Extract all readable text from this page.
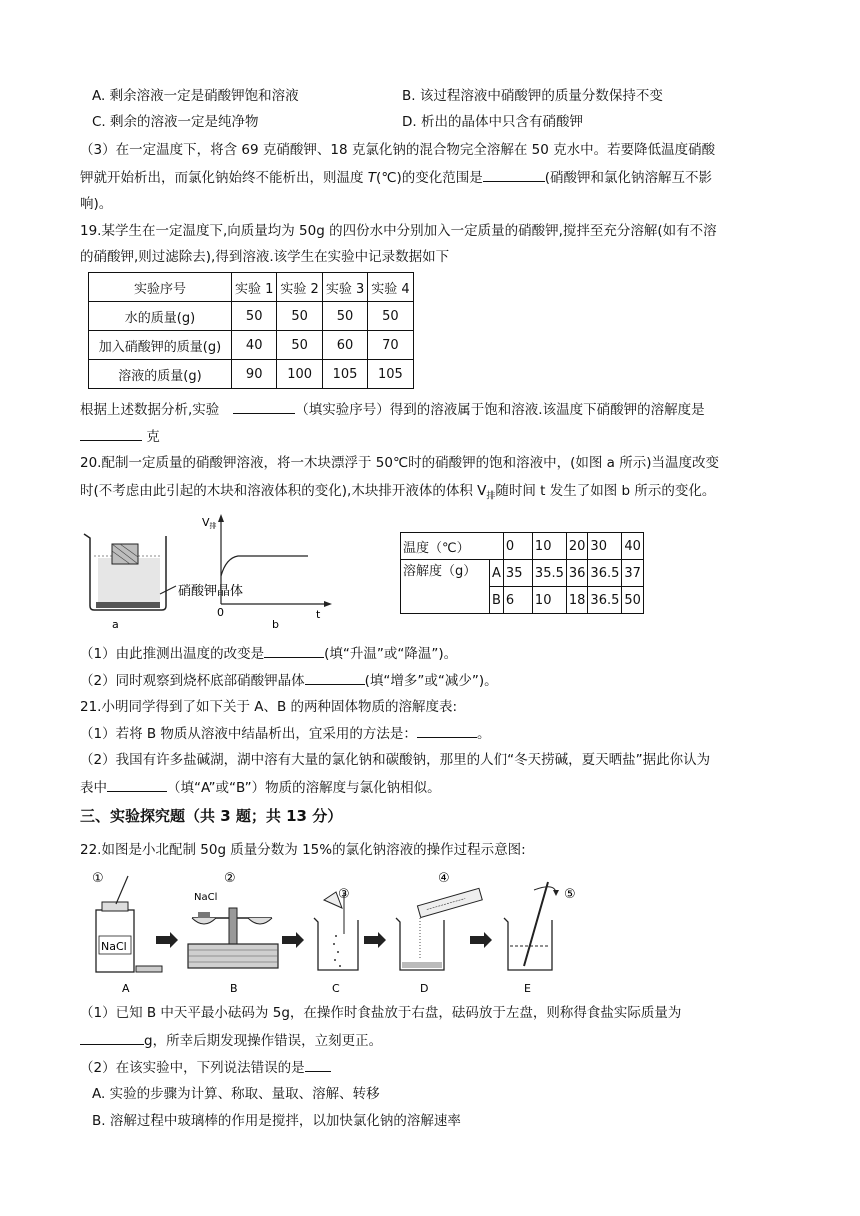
A. 剩余溶液一定是硝酸钾饱和溶液	B. 该过程溶液中硝酸钾的质量分数保持不变
C. 剩余的溶液一定是纯净物	D. 析出的晶体中只含有硝酸钾
（3）在一定温度下，将含 69 克硝酸钾、18 克氯化钠的混合物完全溶解在 50 克水中。若要降低温度硝酸
钾就开始析出，而氯化钠始终不能析出，则温度 T(℃)的变化范围是	(硝酸钾和氯化钠溶解互不影
响)。
19.某学生在一定温度下,向质量均为 50g 的四份水中分别加入一定质量的硝酸钾,搅拌至充分溶解(如有不溶
的硝酸钾,则过滤除去),得到溶液.该学生在实验中记录数据如下
实验序号	实验 1	实验 2	实验 3	实验 4
水的质量(g)	50	50	50	50
加入硝酸钾的质量(g)	40	50	60	70
溶液的质量(g)	90	100	105	105
根据上述数据分析,实验	（填实验序号）得到的溶液属于饱和溶液.该温度下硝酸钾的溶解度是
克
20.配制一定质量的硝酸钾溶液，将一木块漂浮于 50℃时的硝酸钾的饱和溶液中，(如图 a 所示)当温度改变
时(不考虑由此引起的木块和溶液体积的变化),木块排开液体的体积 $V_排$随时间 t 发生了如图 b 所示的变化。
硝酸钾晶体
a
V排
0
b
t
温度（℃）		0	10	20	30	40
溶解度（g）	A	35	35.5	36	36.5	37
	B	6	10	18	36.5	50
（1）由此推测出温度的改变是	(填“升温”或“降温”)。
（2）同时观察到烧杯底部硝酸钾晶体	(填“增多”或“减少”)。
21.小明同学得到了如下关于 A、B 的两种固体物质的溶解度表:
（1）若将 B 物质从溶液中结晶析出，宜采用的方法是：	。
（2）我国有许多盐碱湖，湖中溶有大量的氯化钠和碳酸钠，那里的人们“冬天捞碱，夏天晒盐”据此你认为
表中	（填“A”或“B”）物质的溶解度与氯化钠相似。
三、实验探究题（共 3 题；共 13 分）
22.如图是小北配制 50g 质量分数为 15%的氯化钠溶液的操作过程示意图:
NaCl
①
A
NaCl
②
B
③
C
④
D
⑤
E
（1）已知 B 中天平最小砝码为 5g，在操作时食盐放于右盘，砝码放于左盘，则称得食盐实际质量为
g，所幸后期发现操作错误，立刻更正。
（2）在该实验中，下列说法错误的是
A. 实验的步骤为计算、称取、量取、溶解、转移
B. 溶解过程中玻璃棒的作用是搅拌，以加快氯化钠的溶解速率
